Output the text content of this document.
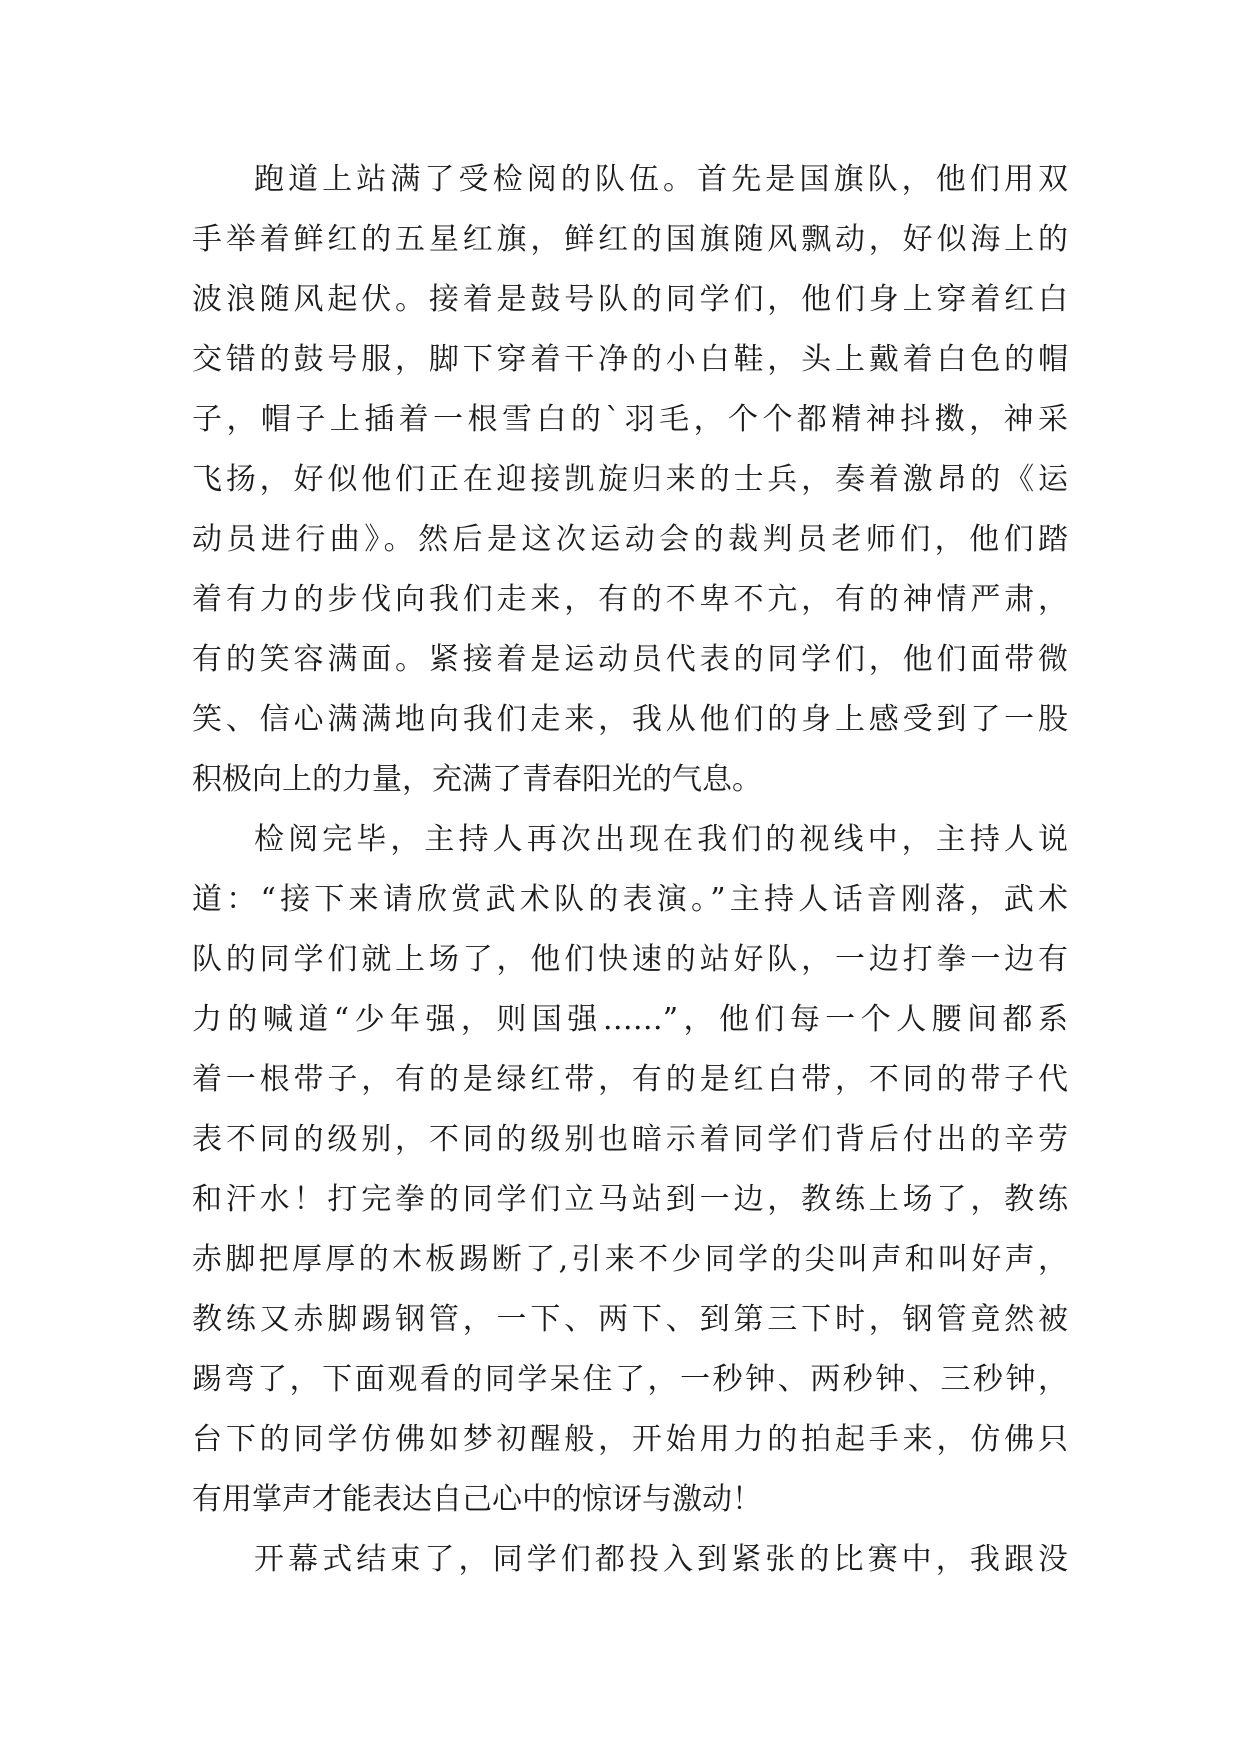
跑道上站满了受检阅的队伍。首先是国旗队，他们用双
手举着鲜红的五星红旗，鲜红的国旗随风飘动，好似海上的
波浪随风起伏。接着是鼓号队的同学们，他们身上穿着红白
交错的鼓号服，脚下穿着干净的小白鞋，头上戴着白色的帽
子，帽子上插着一根雪白的`羽毛，个个都精神抖擞，神采
飞扬，好似他们正在迎接凯旋归来的士兵，奏着激昂的《运
动员进行曲》。然后是这次运动会的裁判员老师们，他们踏
着有力的步伐向我们走来，有的不卑不亢，有的神情严肃，
有的笑容满面。紧接着是运动员代表的同学们，他们面带微
笑、信心满满地向我们走来，我从他们的身上感受到了一股
积极向上的力量，充满了青春阳光的气息。
检阅完毕，主持人再次出现在我们的视线中，主持人说
道：“接下来请欣赏武术队的表演。”主持人话音刚落，武术
队的同学们就上场了，他们快速的站好队，一边打拳一边有
力的喊道“少年强，则国强……”，他们每一个人腰间都系
着一根带子，有的是绿红带，有的是红白带，不同的带子代
表不同的级别，不同的级别也暗示着同学们背后付出的辛劳
和汗水！打完拳的同学们立马站到一边，教练上场了，教练
赤脚把厚厚的木板踢断了,引来不少同学的尖叫声和叫好声，
教练又赤脚踢钢管，一下、两下、到第三下时，钢管竟然被
踢弯了，下面观看的同学呆住了，一秒钟、两秒钟、三秒钟，
台下的同学仿佛如梦初醒般，开始用力的拍起手来，仿佛只
有用掌声才能表达自己心中的惊讶与激动！
开幕式结束了，同学们都投入到紧张的比赛中，我跟没
